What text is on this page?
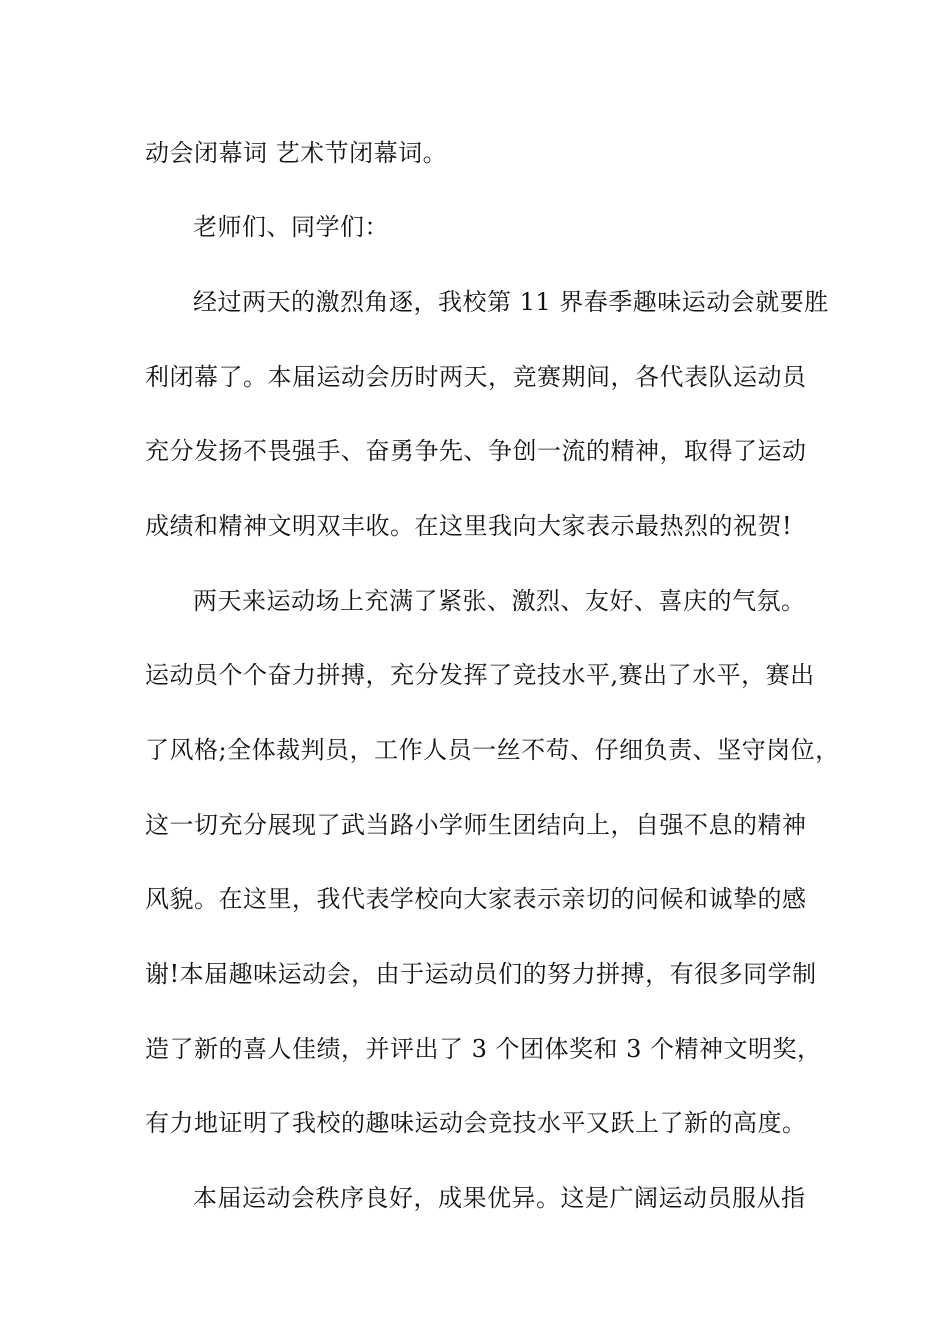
动会闭幕词 艺术节闭幕词。
老师们、同学们：
经过两天的激烈角逐，我校第 11 界春季趣味运动会就要胜
利闭幕了。本届运动会历时两天，竞赛期间，各代表队运动员
充分发扬不畏强手、奋勇争先、争创一流的精神，取得了运动
成绩和精神文明双丰收。在这里我向大家表示最热烈的祝贺!
两天来运动场上充满了紧张、激烈、友好、喜庆的气氛。
运动员个个奋力拼搏，充分发挥了竞技水平,赛出了水平，赛出
了风格;全体裁判员，工作人员一丝不苟、仔细负责、坚守岗位，
这一切充分展现了武当路小学师生团结向上，自强不息的精神
风貌。在这里，我代表学校向大家表示亲切的问候和诚挚的感
谢!本届趣味运动会，由于运动员们的努力拼搏，有很多同学制
造了新的喜人佳绩，并评出了 3 个团体奖和 3 个精神文明奖，
有力地证明了我校的趣味运动会竞技水平又跃上了新的高度。
本届运动会秩序良好，成果优异。这是广阔运动员服从指
